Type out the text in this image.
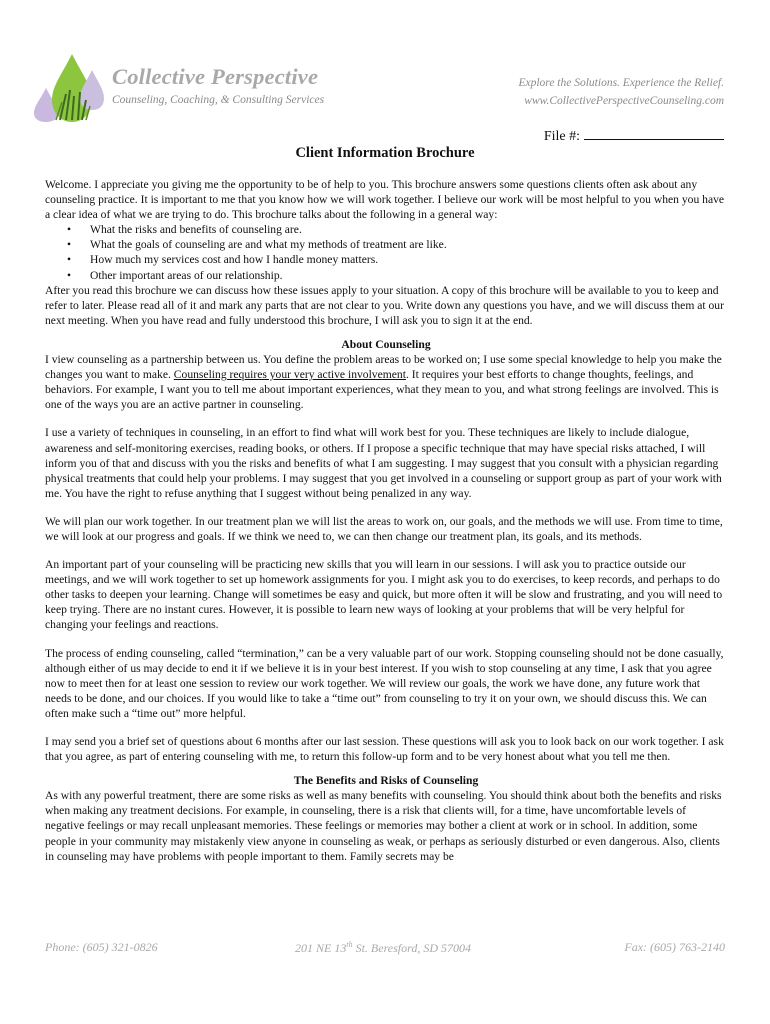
Collective Perspective
Counseling, Coaching, & Consulting Services
Explore the Solutions. Experience the Relief.
www.CollectivePerspectiveCounseling.com
File #:
Client Information Brochure

Welcome. I appreciate you giving me the opportunity to be of help to you. This brochure answers some questions clients often ask about any counseling practice. It is important to me that you know how we will work together. I believe our work will be most helpful to you when you have a clear idea of what we are trying to do. This brochure talks about the following in a general way:

• What the risks and benefits of counseling are.
• What the goals of counseling are and what my methods of treatment are like.
• How much my services cost and how I handle money matters.
• Other important areas of our relationship.

After you read this brochure we can discuss how these issues apply to your situation. A copy of this brochure will be available to you to keep and refer to later. Please read all of it and mark any parts that are not clear to you. Write down any questions you have, and we will discuss them at our next meeting. When you have read and fully understood this brochure, I will ask you to sign it at the end.

About Counseling

I view counseling as a partnership between us. You define the problem areas to be worked on; I use some special knowledge to help you make the changes you want to make. Counseling requires your very active involvement. It requires your best efforts to change thoughts, feelings, and behaviors. For example, I want you to tell me about important experiences, what they mean to you, and what strong feelings are involved. This is one of the ways you are an active partner in counseling.

I use a variety of techniques in counseling, in an effort to find what will work best for you. These techniques are likely to include dialogue, awareness and self-monitoring exercises, reading books, or others. If I propose a specific technique that may have special risks attached, I will inform you of that and discuss with you the risks and benefits of what I am suggesting. I may suggest that you consult with a physician regarding physical treatments that could help your problems. I may suggest that you get involved in a counseling or support group as part of your work with me. You have the right to refuse anything that I suggest without being penalized in any way.

We will plan our work together. In our treatment plan we will list the areas to work on, our goals, and the methods we will use. From time to time, we will look at our progress and goals. If we think we need to, we can then change our treatment plan, its goals, and its methods.

An important part of your counseling will be practicing new skills that you will learn in our sessions. I will ask you to practice outside our meetings, and we will work together to set up homework assignments for you. I might ask you to do exercises, to keep records, and perhaps to do other tasks to deepen your learning. Change will sometimes be easy and quick, but more often it will be slow and frustrating, and you will need to keep trying. There are no instant cures. However, it is possible to learn new ways of looking at your problems that will be very helpful for changing your feelings and reactions.

The process of ending counseling, called “termination,” can be a very valuable part of our work. Stopping counseling should not be done casually, although either of us may decide to end it if we believe it is in your best interest. If you wish to stop counseling at any time, I ask that you agree now to meet then for at least one session to review our work together. We will review our goals, the work we have done, any future work that needs to be done, and our choices. If you would like to take a “time out” from counseling to try it on your own, we should discuss this. We can often make such a “time out” more helpful.

I may send you a brief set of questions about 6 months after our last session. These questions will ask you to look back on our work together. I ask that you agree, as part of entering counseling with me, to return this follow-up form and to be very honest about what you tell me then.

The Benefits and Risks of Counseling

As with any powerful treatment, there are some risks as well as many benefits with counseling. You should think about both the benefits and risks when making any treatment decisions. For example, in counseling, there is a risk that clients will, for a time, have uncomfortable levels of negative feelings or may recall unpleasant memories. These feelings or memories may bother a client at work or in school. In addition, some people in your community may mistakenly view anyone in counseling as weak, or perhaps as seriously disturbed or even dangerous. Also, clients in counseling may have problems with people important to them. Family secrets may be

Phone: (605) 321-0826	201 NE 13th St. Beresford, SD 57004	Fax: (605) 763-2140
